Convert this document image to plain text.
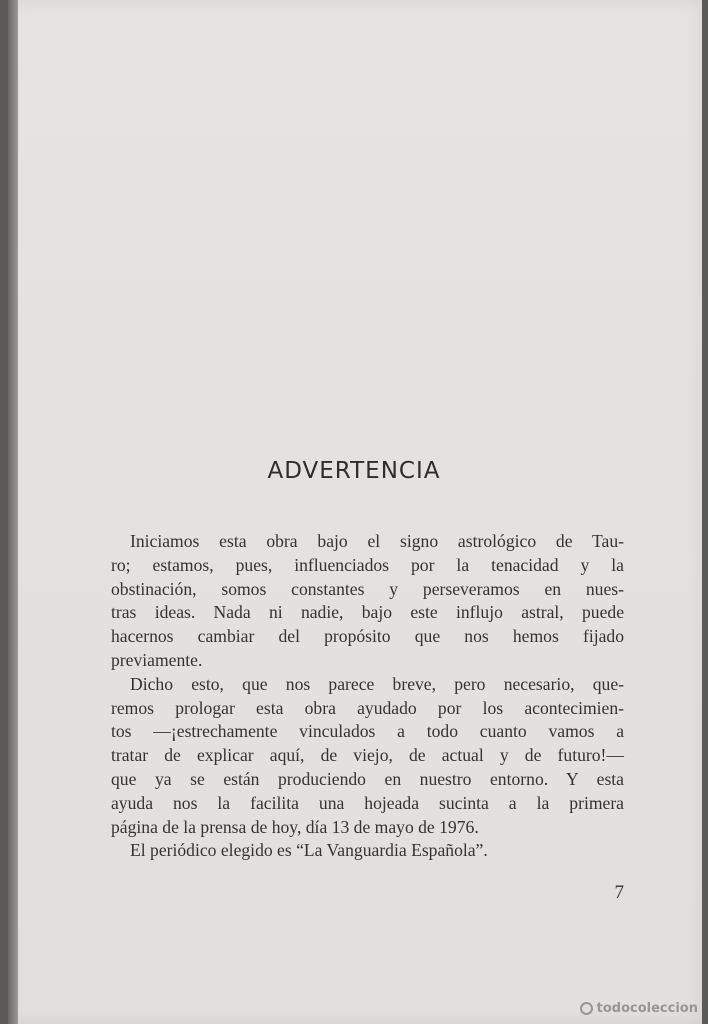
ADVERTENCIA
Iniciamos esta obra bajo el signo astrológico de Tau-
ro; estamos, pues, influenciados por la tenacidad y la
obstinación, somos constantes y perseveramos en nues-
tras ideas. Nada ni nadie, bajo este influjo astral, puede
hacernos cambiar del propósito que nos hemos fijado
previamente.
Dicho esto, que nos parece breve, pero necesario, que-
remos prologar esta obra ayudado por los acontecimien-
tos —¡estrechamente vinculados a todo cuanto vamos a
tratar de explicar aquí, de viejo, de actual y de futuro!—
que ya se están produciendo en nuestro entorno. Y esta
ayuda nos la facilita una hojeada sucinta a la primera
página de la prensa de hoy, día 13 de mayo de 1976.
El periódico elegido es “La Vanguardia Española”.
7
todocoleccion
